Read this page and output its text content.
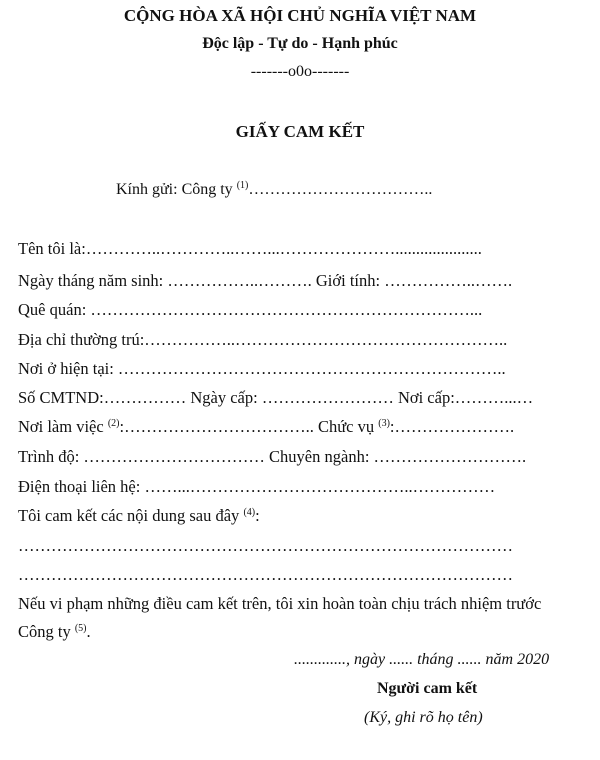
CỘNG HÒA XÃ HỘI CHỦ NGHĨA VIỆT NAM
Độc lập - Tự do - Hạnh phúc
-------o0o-------
GIẤY CAM KẾT
Kính gửi: Công ty $^{(1)}$……………………………..
Tên tôi là:…………..…………..……...………………….....................
Ngày tháng năm sinh: ……………..………. Giới tính: ……………..…….
Quê quán: ……………………………………………………………...
Địa chỉ thường trú:……………..…………………………………………..
Nơi ở hiện tại: ……………………………………………………………..
Số CMTND:…………… Ngày cấp: …………………… Nơi cấp:………...…
Nơi làm việc $^{(2)}$:…………………………….. Chức vụ $^{(3)}$:………………….
Trình độ: …………………………… Chuyên ngành: ……………………….
Điện thoại liên hệ: ……...…………………………………..……………
Tôi cam kết các nội dung sau đây $^{(4)}$:
………………………………………………………………………………
………………………………………………………………………………
Nếu vi phạm những điều cam kết trên, tôi xin hoàn toàn chịu trách nhiệm trước
Công ty $^{(5)}$.
............., ngày ...... tháng ...... năm 2020
Người cam kết
(Ký, ghi rõ họ tên)
